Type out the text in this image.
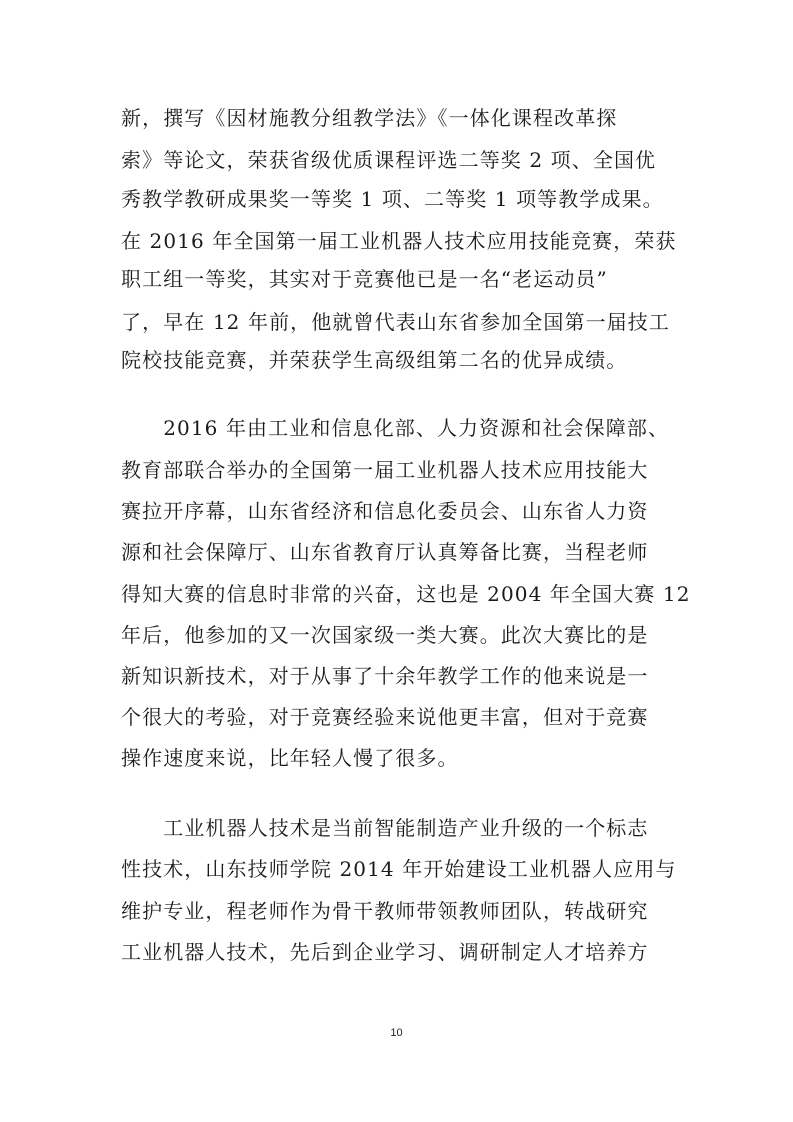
新，撰写《因材施教分组教学法》《一体化课程改革探
索》等论文，荣获省级优质课程评选二等奖 2 项、全国优
秀教学教研成果奖一等奖 1 项、二等奖 1 项等教学成果。
在 2016 年全国第一届工业机器人技术应用技能竞赛，荣获
职工组一等奖，其实对于竞赛他已是一名“老运动员”
了，早在 12 年前，他就曾代表山东省参加全国第一届技工
院校技能竞赛，并荣获学生高级组第二名的优异成绩。
　　2016 年由工业和信息化部、人力资源和社会保障部、
教育部联合举办的全国第一届工业机器人技术应用技能大
赛拉开序幕，山东省经济和信息化委员会、山东省人力资
源和社会保障厅、山东省教育厅认真筹备比赛，当程老师
得知大赛的信息时非常的兴奋，这也是 2004 年全国大赛 12
年后，他参加的又一次国家级一类大赛。此次大赛比的是
新知识新技术，对于从事了十余年教学工作的他来说是一
个很大的考验，对于竞赛经验来说他更丰富，但对于竞赛
操作速度来说，比年轻人慢了很多。
　　工业机器人技术是当前智能制造产业升级的一个标志
性技术，山东技师学院 2014 年开始建设工业机器人应用与
维护专业，程老师作为骨干教师带领教师团队，转战研究
工业机器人技术，先后到企业学习、调研制定人才培养方
10
